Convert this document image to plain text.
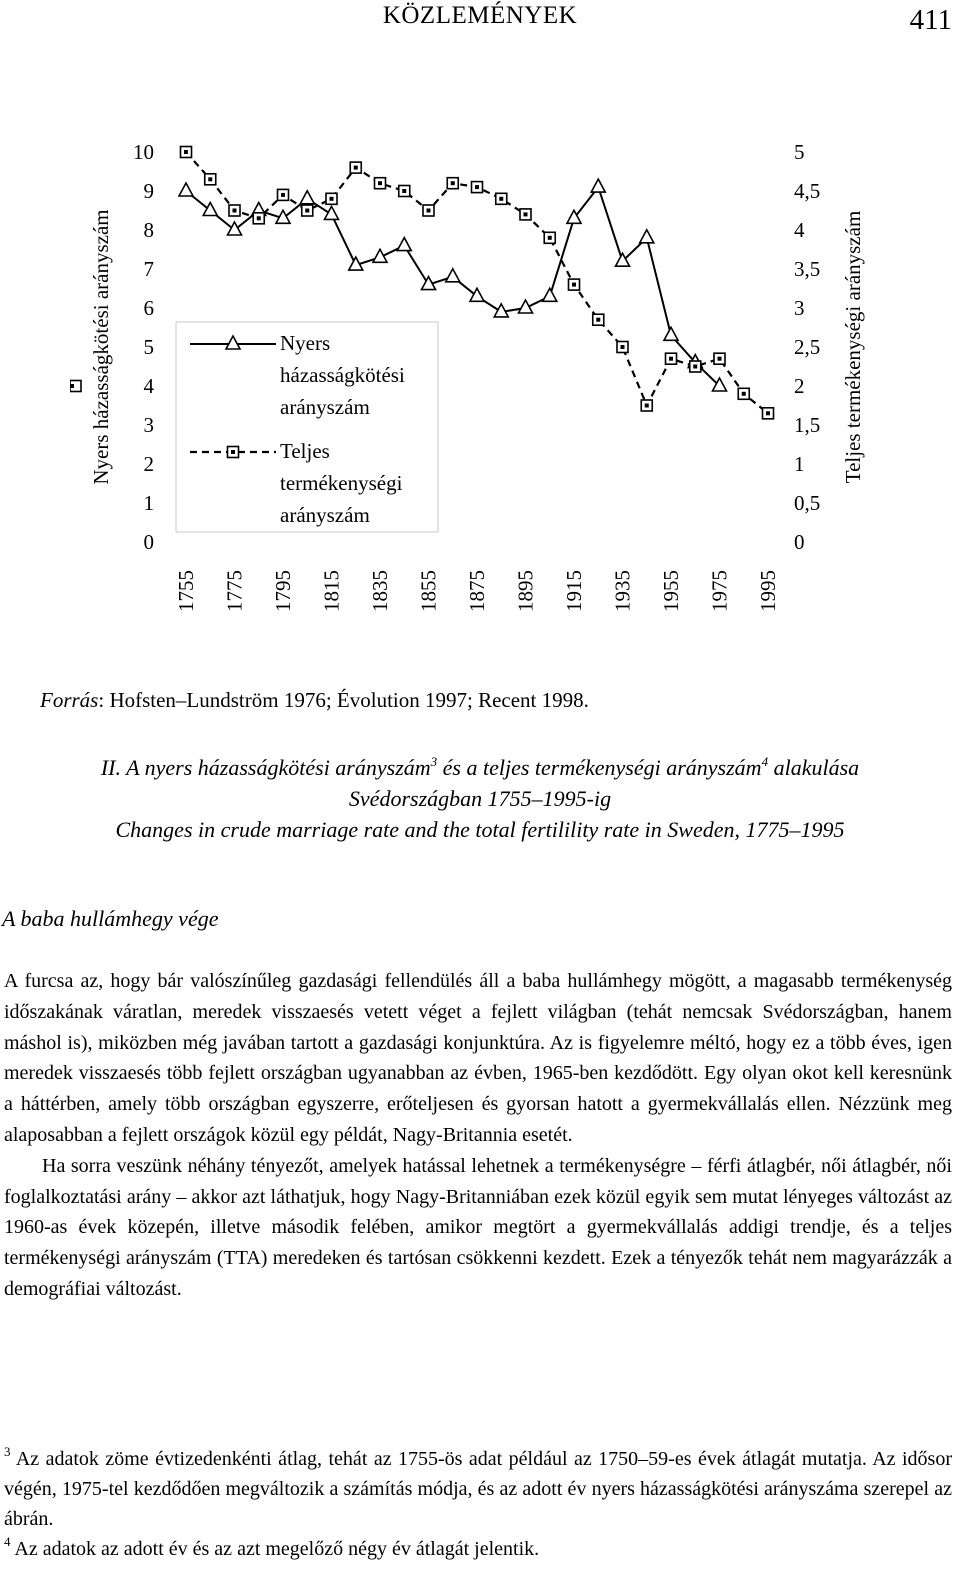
KÖZLEMÉNYEK	411
0
1
2
3
4
5
6
7
8
9
10
0
0,5
1
1,5
2
2,5
3
3,5
4
4,5
5
1755 1775 1795 1815 1835 1855 1875 1895 1915 1935 1955 1975 1995
Nyers házasságkötési arányszám	Teljes termékenységi arányszám
Nyers
házasságkötési
arányszám
Teljes
termékenységi
arányszám
Forrás: Hofsten–Lundström 1976; Évolution 1997; Recent 1998.
II. A nyers házasságkötési arányszám$^3$ és a teljes termékenységi arányszám$^4$ alakulása
Svédországban 1755–1995-ig
Changes in crude marriage rate and the total fertilility rate in Sweden, 1775–1995
A baba hullámhegy vége

A furcsa az, hogy bár valószínűleg gazdasági fellendülés áll a baba hullámhegy mögött, a magasabb termékenység időszakának váratlan, meredek visszaesés vetett véget a fejlett világban (tehát nemcsak Svédországban, hanem máshol is), miközben még javában tartott a gazdasági konjunktúra. Az is figyelemre méltó, hogy ez a több éves, igen meredek visszaesés több fejlett országban ugyanabban az évben, 1965-ben kezdődött. Egy olyan okot kell keresnünk a háttérben, amely több országban egyszerre, erőteljesen és gyorsan hatott a gyermekvállalás ellen. Nézzünk meg alaposabban a fejlett országok közül egy példát, Nagy-Britannia esetét.

Ha sorra veszünk néhány tényezőt, amelyek hatással lehetnek a termékenységre – férfi átlagbér, női átlagbér, női foglalkoztatási arány – akkor azt láthatjuk, hogy Nagy-Britanniában ezek közül egyik sem mutat lényeges változást az 1960-as évek közepén, illetve második felében, amikor megtört a gyermekvállalás addigi trendje, és a teljes termékenységi arányszám (TTA) meredeken és tartósan csökkenni kezdett. Ezek a tényezők tehát nem magyarázzák a demográfiai változást.

$^3$ Az adatok zöme évtizedenkénti átlag, tehát az 1755-ös adat például az 1750–59-es évek átlagát mutatja. Az idősor végén, 1975-tel kezdődően megváltozik a számítás módja, és az adott év nyers házasságkötési arányszáma szerepel az ábrán.

$^4$ Az adatok az adott év és az azt megelőző négy év átlagát jelentik.
